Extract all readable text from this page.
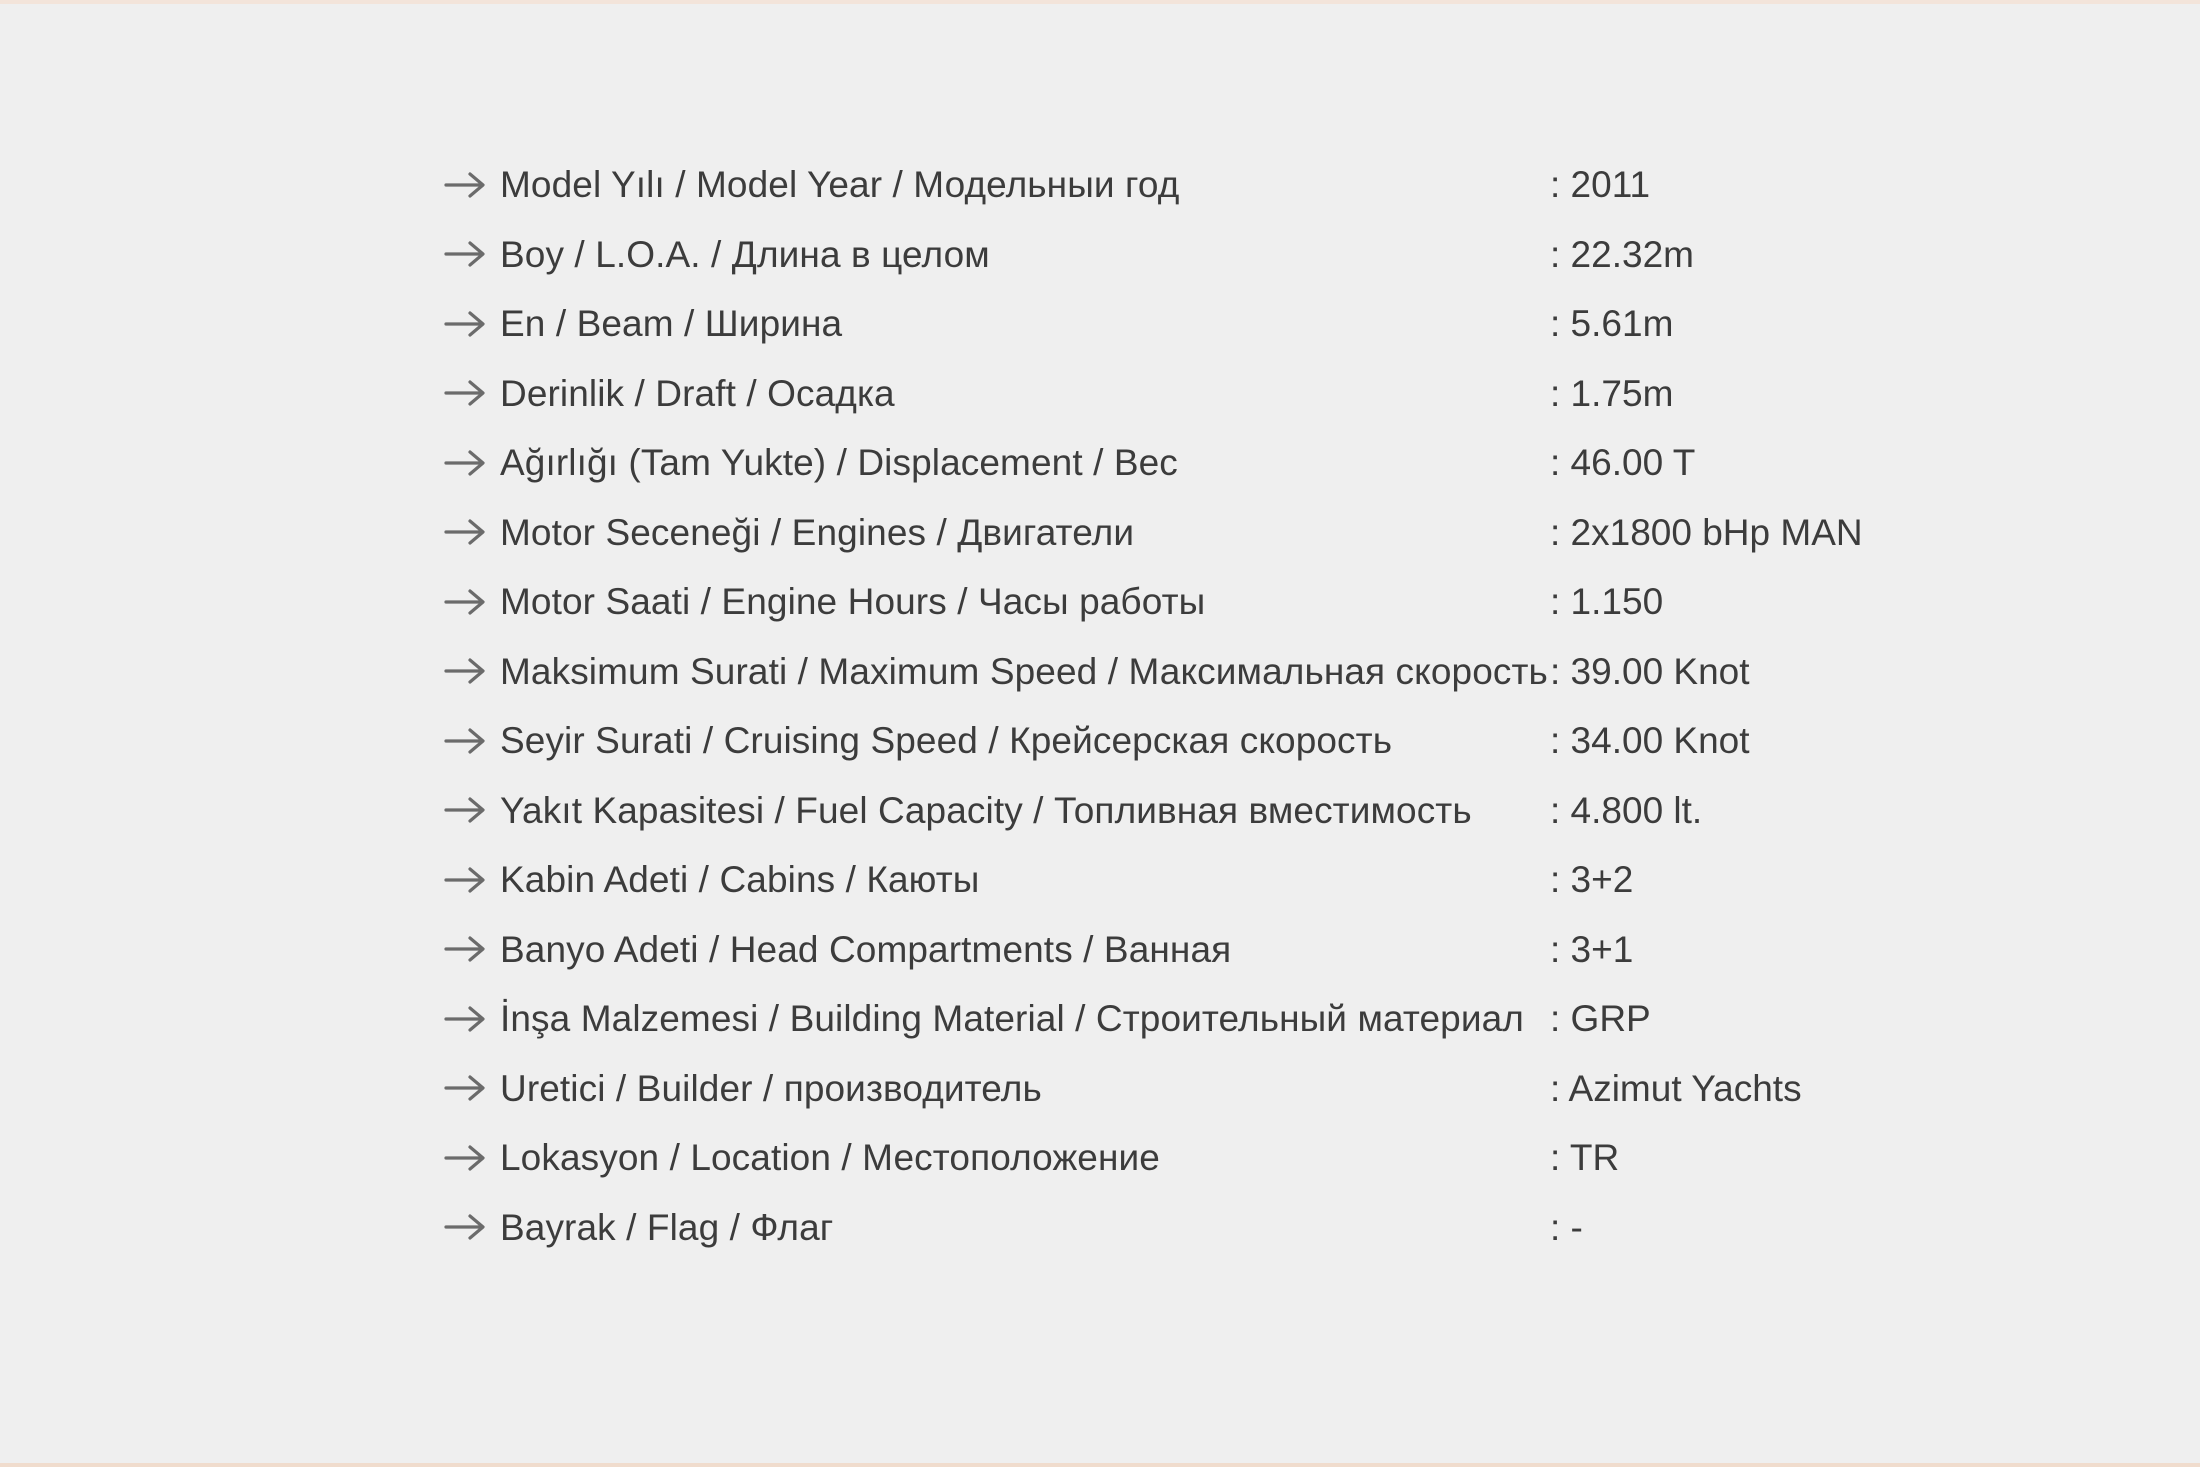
Model Yılı / Model Year / Модельныи год	: 2011
Boy / L.O.A. / Длина в целом	: 22.32m
En / Beam / Ширина	: 5.61m
Derinlik / Draft / Осадка	: 1.75m
Ağırlığı (Tam Yukte) / Displacement / Вес	: 46.00 T
Motor Seceneği / Engines / Двигатели	: 2x1800 bHp MAN
Motor Saati / Engine Hours / Часы работы	: 1.150
Maksimum Surati / Maximum Speed / Максимальная скорость : 39.00 Knot
Seyir Surati / Cruising Speed / Крейсерская скорость	: 34.00 Knot
Yakıt Kapasitesi / Fuel Capacity / Топливная вместимость	: 4.800 lt.
Kabin Adeti / Cabins / Каюты	: 3+2
Banyo Adeti / Head Compartments / Ванная	: 3+1
İnşa Malzemesi / Building Material / Строительный материал : GRP
Uretici / Builder / производитель	: Azimut Yachts
Lokasyon / Location / Местоположение	: TR
Bayrak / Flag / Флаг	: -
